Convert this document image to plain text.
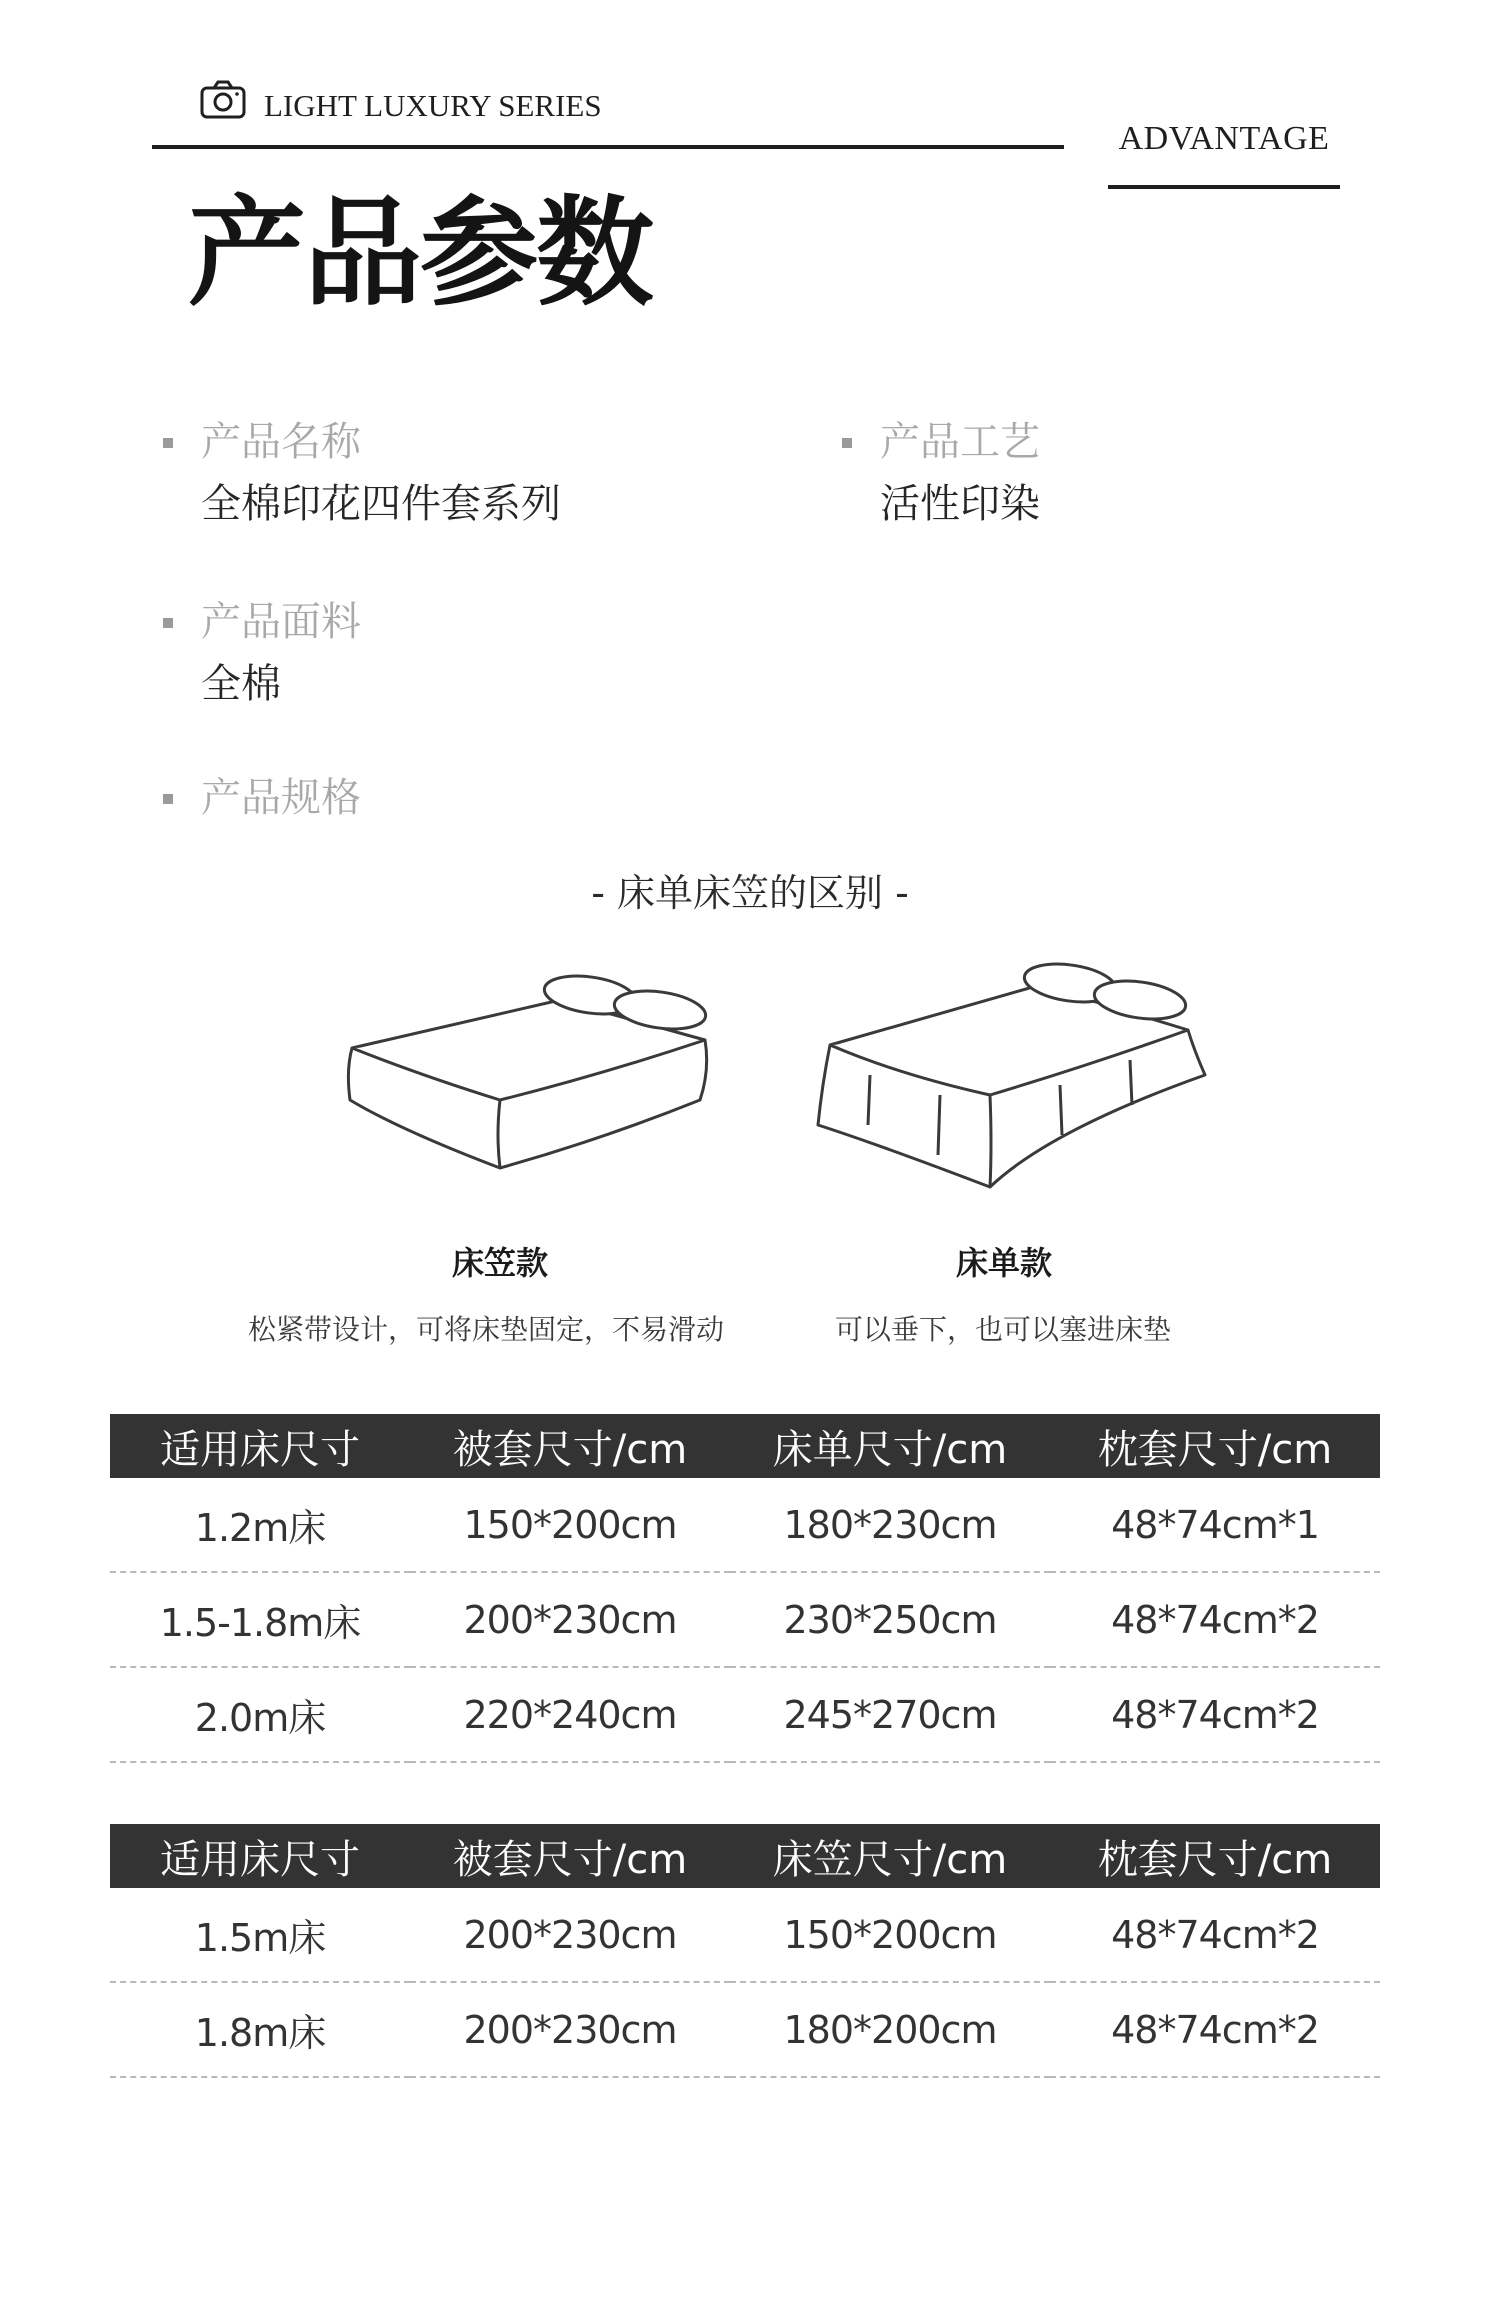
LIGHT LUXURY SERIES
ADVANTAGE
产品参数
产品名称
全棉印花四件套系列
产品工艺
活性印染
产品面料
全棉
产品规格
- 床单床笠的区别 -
床笠款	床单款
松紧带设计，可将床垫固定，不易滑动	可以垂下，也可以塞进床垫
适用床尺寸	被套尺寸/cm	床单尺寸/cm	枕套尺寸/cm
1.2m床	150*200cm	180*230cm	48*74cm*1
1.5-1.8m床	200*230cm	230*250cm	48*74cm*2
2.0m床	220*240cm	245*270cm	48*74cm*2
适用床尺寸	被套尺寸/cm	床笠尺寸/cm	枕套尺寸/cm
1.5m床	200*230cm	150*200cm	48*74cm*2
1.8m床	200*230cm	180*200cm	48*74cm*2
